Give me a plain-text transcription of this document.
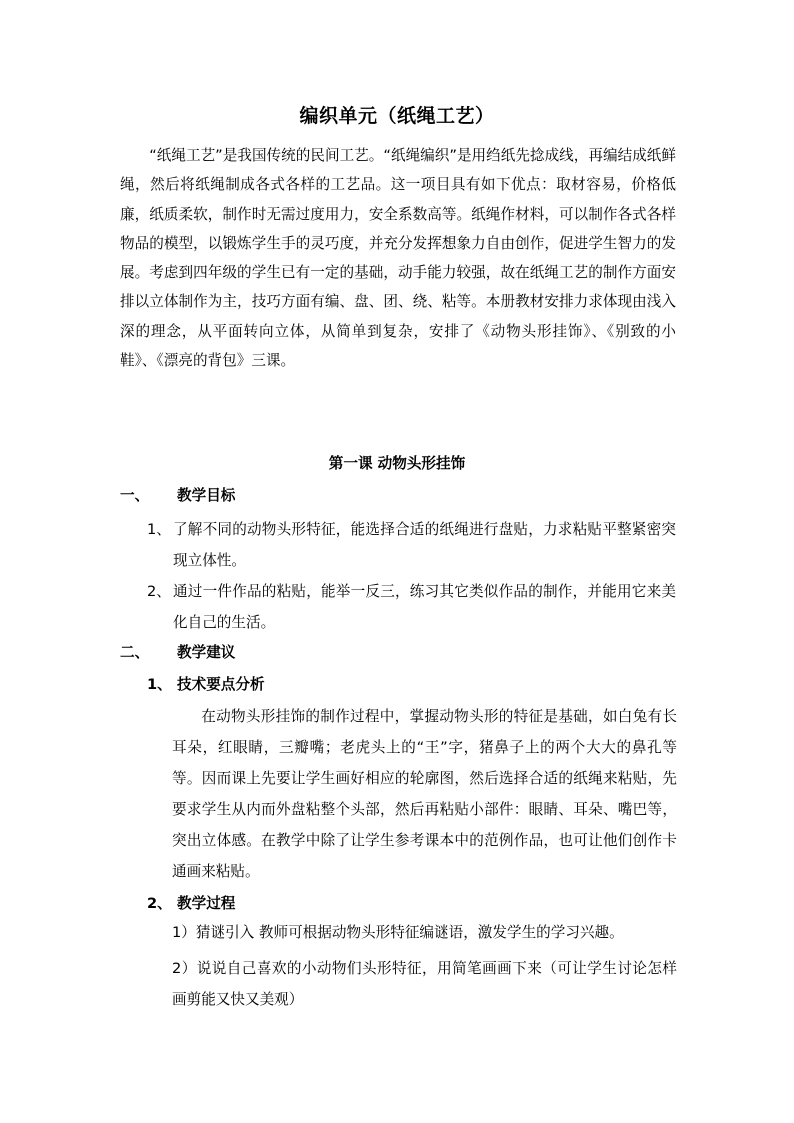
编织单元（纸绳工艺）

“纸绳工艺”是我国传统的民间工艺。“纸绳编织”是用绉纸先捻成线，再编结成纸鲜绳，然后将纸绳制成各式各样的工艺品。这一项目具有如下优点：取材容易，价格低廉，纸质柔软，制作时无需过度用力，安全系数高等。纸绳作材料，可以制作各式各样物品的模型，以锻炼学生手的灵巧度，并充分发挥想象力自由创作，促进学生智力的发展。考虑到四年级的学生已有一定的基础，动手能力较强，故在纸绳工艺的制作方面安排以立体制作为主，技巧方面有编、盘、团、绕、粘等。本册教材安排力求体现由浅入深的理念，从平面转向立体，从简单到复杂，安排了《动物头形挂饰》、《别致的小鞋》、《漂亮的背包》三课。

第一课 动物头形挂饰
一、 教学目标
1、 了解不同的动物头形特征，能选择合适的纸绳进行盘贴，力求粘贴平整紧密突现立体性。
2、 通过一件作品的粘贴，能举一反三，练习其它类似作品的制作，并能用它来美化自己的生活。
二、 教学建议
1、 技术要点分析

在动物头形挂饰的制作过程中，掌握动物头形的特征是基础，如白兔有长耳朵，红眼睛，三瓣嘴；老虎头上的“王”字，猪鼻子上的两个大大的鼻孔等等。因而课上先要让学生画好相应的轮廓图，然后选择合适的纸绳来粘贴，先要求学生从内而外盘粘整个头部，然后再粘贴小部件：眼睛、耳朵、嘴巴等，突出立体感。在教学中除了让学生参考课本中的范例作品，也可让他们创作卡通画来粘贴。

2、 教学过程

1）猜谜引入 教师可根据动物头形特征编谜语，激发学生的学习兴趣。

2）说说自己喜欢的小动物们头形特征，用简笔画画下来（可让学生讨论怎样画剪能又快又美观）
